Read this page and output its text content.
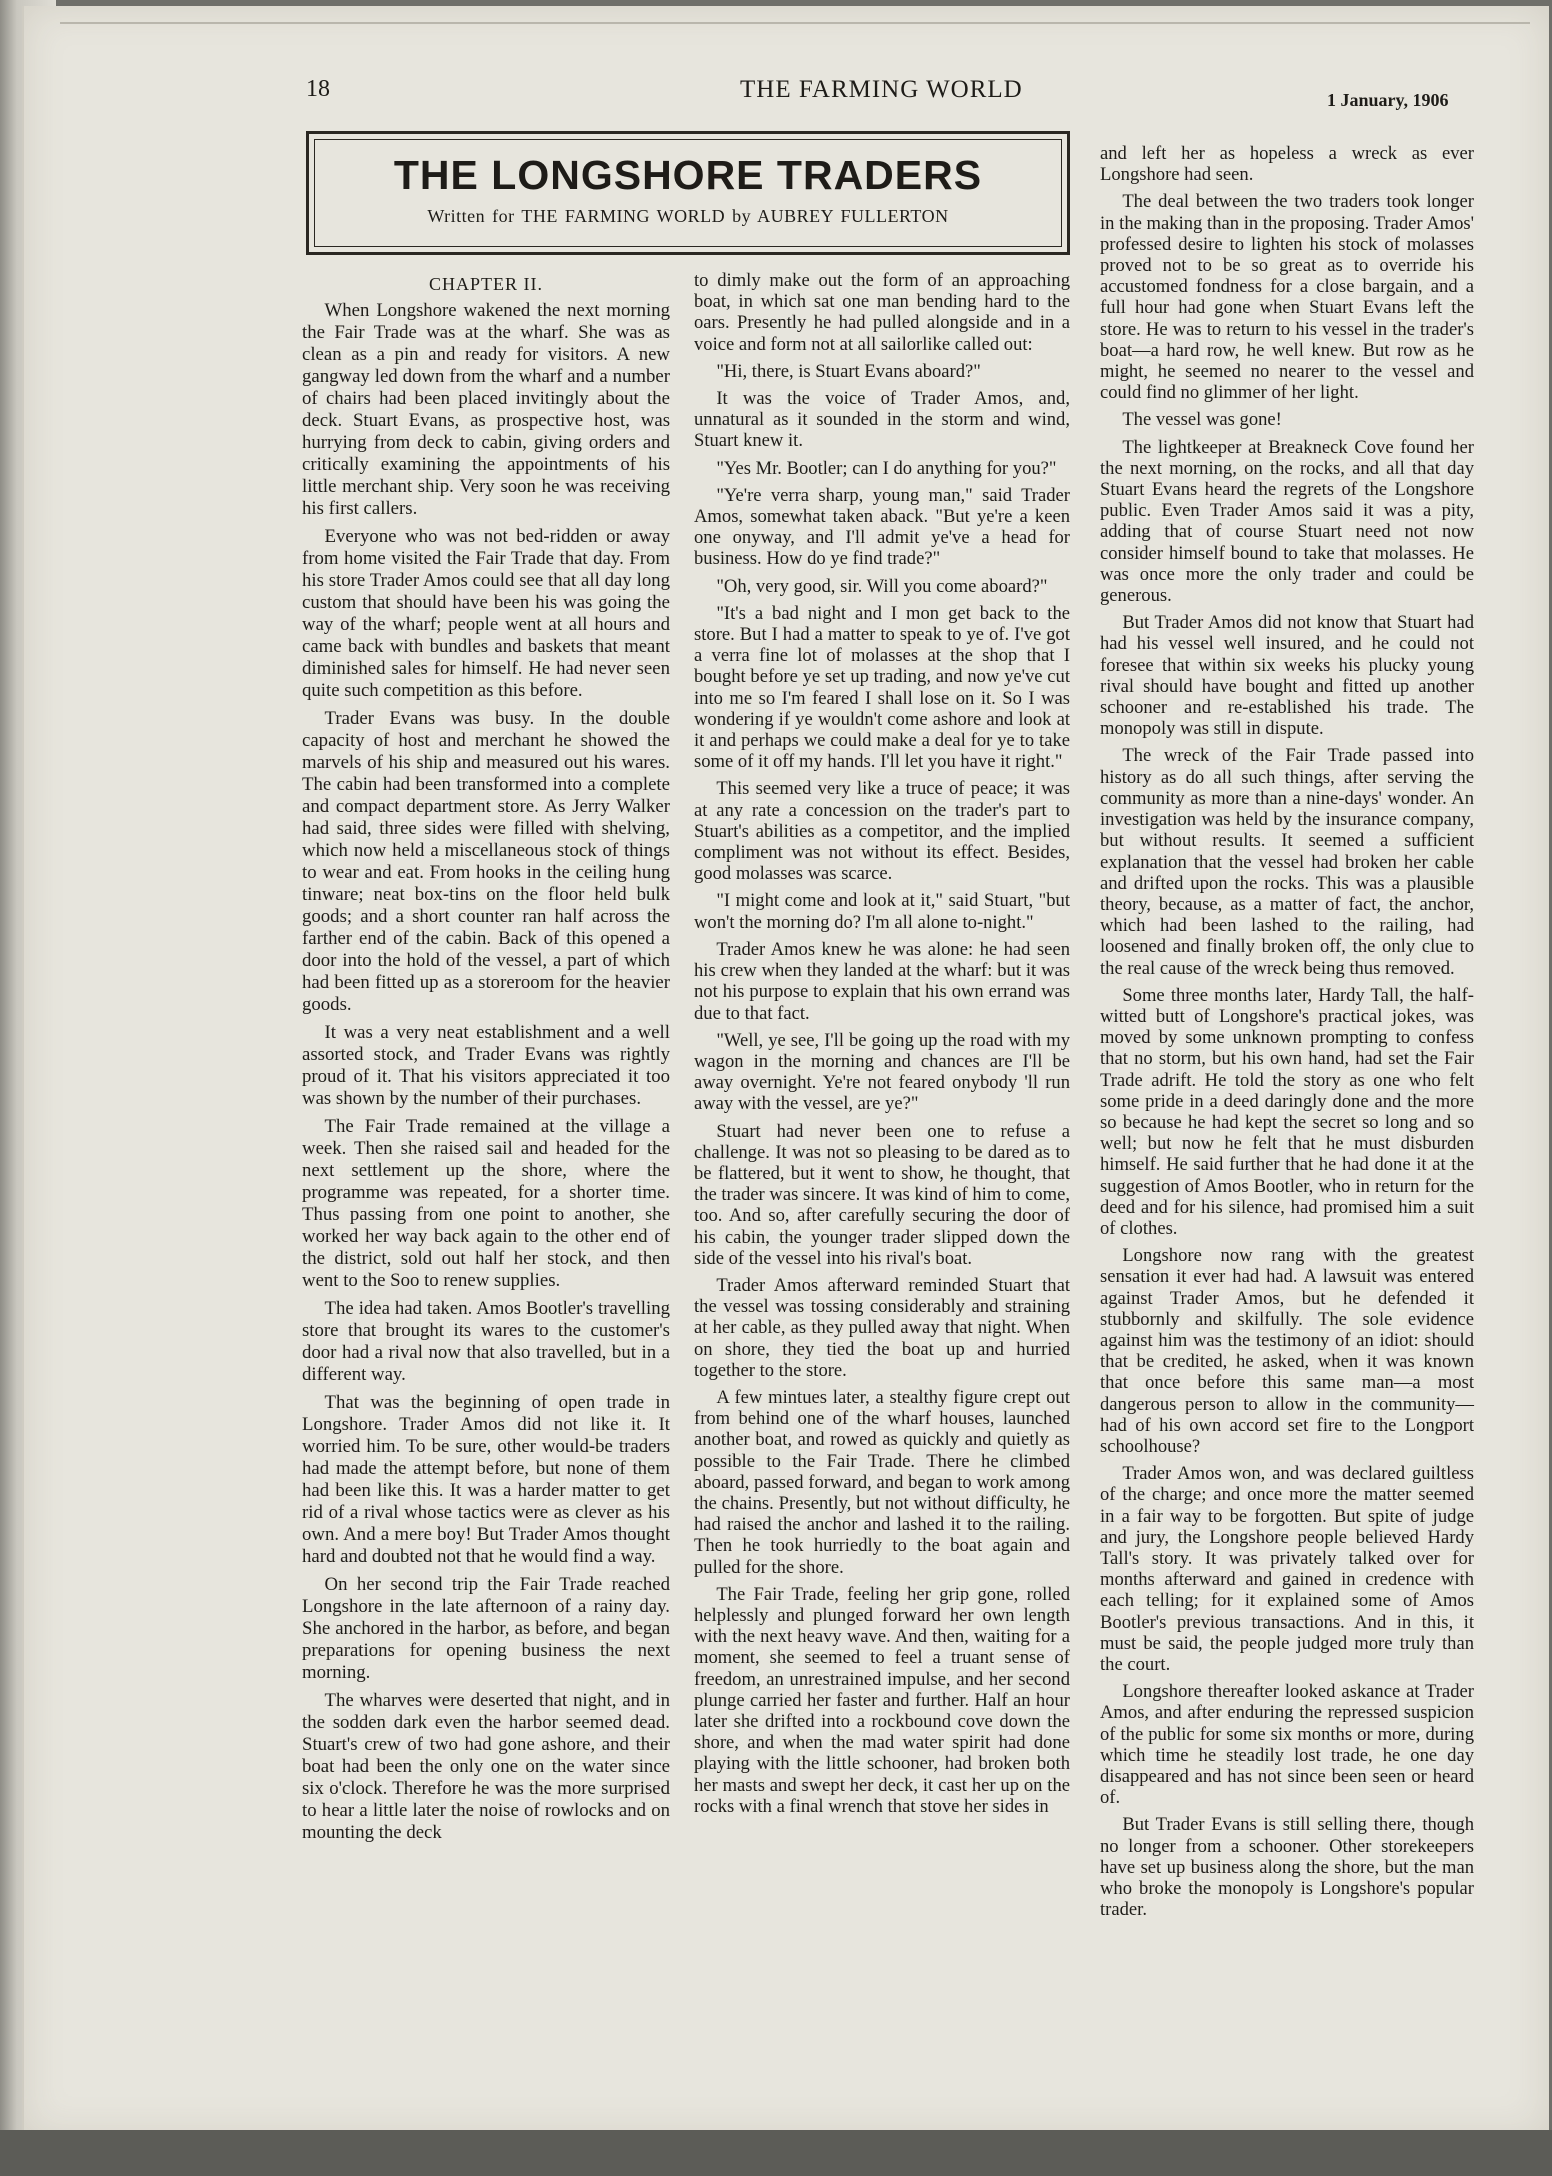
18	THE FARMING WORLD	1 January, 1906
THE LONGSHORE TRADERS
Written for THE FARMING WORLD by AUBREY FULLERTON
CHAPTER II.

When Longshore wakened the next morning the Fair Trade was at the wharf. She was as clean as a pin and ready for visitors. A new gangway led down from the wharf and a number of chairs had been placed invitingly about the deck. Stuart Evans, as prospective host, was hurrying from deck to cabin, giving orders and critically examining the appointments of his little merchant ship. Very soon he was receiving his first callers.

Everyone who was not bed-ridden or away from home visited the Fair Trade that day. From his store Trader Amos could see that all day long custom that should have been his was going the way of the wharf; people went at all hours and came back with bundles and baskets that meant diminished sales for himself. He had never seen quite such competition as this before.

Trader Evans was busy. In the double capacity of host and merchant he showed the marvels of his ship and measured out his wares. The cabin had been transformed into a complete and compact department store. As Jerry Walker had said, three sides were filled with shelving, which now held a miscellaneous stock of things to wear and eat. From hooks in the ceiling hung tinware; neat box-tins on the floor held bulk goods; and a short counter ran half across the farther end of the cabin. Back of this opened a door into the hold of the vessel, a part of which had been fitted up as a storeroom for the heavier goods.

It was a very neat establishment and a well assorted stock, and Trader Evans was rightly proud of it. That his visitors appreciated it too was shown by the number of their purchases.

The Fair Trade remained at the village a week. Then she raised sail and headed for the next settlement up the shore, where the programme was repeated, for a shorter time. Thus passing from one point to another, she worked her way back again to the other end of the district, sold out half her stock, and then went to the Soo to renew supplies.

The idea had taken. Amos Bootler's travelling store that brought its wares to the customer's door had a rival now that also travelled, but in a different way.

That was the beginning of open trade in Longshore. Trader Amos did not like it. It worried him. To be sure, other would-be traders had made the attempt before, but none of them had been like this. It was a harder matter to get rid of a rival whose tactics were as clever as his own. And a mere boy! But Trader Amos thought hard and doubted not that he would find a way.

On her second trip the Fair Trade reached Longshore in the late afternoon of a rainy day. She anchored in the harbor, as before, and began preparations for opening business the next morning.

The wharves were deserted that night, and in the sodden dark even the harbor seemed dead. Stuart's crew of two had gone ashore, and their boat had been the only one on the water since six o'clock. Therefore he was the more surprised to hear a little later the noise of rowlocks and on mounting the deck

to dimly make out the form of an approaching boat, in which sat one man bending hard to the oars. Presently he had pulled alongside and in a voice and form not at all sailorlike called out:

"Hi, there, is Stuart Evans aboard?"

It was the voice of Trader Amos, and, unnatural as it sounded in the storm and wind, Stuart knew it.

"Yes Mr. Bootler; can I do anything for you?"

"Ye're verra sharp, young man," said Trader Amos, somewhat taken aback. "But ye're a keen one onyway, and I'll admit ye've a head for business. How do ye find trade?"

"Oh, very good, sir. Will you come aboard?"

"It's a bad night and I mon get back to the store. But I had a matter to speak to ye of. I've got a verra fine lot of molasses at the shop that I bought before ye set up trading, and now ye've cut into me so I'm feared I shall lose on it. So I was wondering if ye wouldn't come ashore and look at it and perhaps we could make a deal for ye to take some of it off my hands. I'll let you have it right."

This seemed very like a truce of peace; it was at any rate a concession on the trader's part to Stuart's abilities as a competitor, and the implied compliment was not without its effect. Besides, good molasses was scarce.

"I might come and look at it," said Stuart, "but won't the morning do? I'm all alone to-night."

Trader Amos knew he was alone: he had seen his crew when they landed at the wharf: but it was not his purpose to explain that his own errand was due to that fact.

"Well, ye see, I'll be going up the road with my wagon in the morning and chances are I'll be away overnight. Ye're not feared onybody 'll run away with the vessel, are ye?"

Stuart had never been one to refuse a challenge. It was not so pleasing to be dared as to be flattered, but it went to show, he thought, that the trader was sincere. It was kind of him to come, too. And so, after carefully securing the door of his cabin, the younger trader slipped down the side of the vessel into his rival's boat.

Trader Amos afterward reminded Stuart that the vessel was tossing considerably and straining at her cable, as they pulled away that night. When on shore, they tied the boat up and hurried together to the store.

A few mintues later, a stealthy figure crept out from behind one of the wharf houses, launched another boat, and rowed as quickly and quietly as possible to the Fair Trade. There he climbed aboard, passed forward, and began to work among the chains. Presently, but not without difficulty, he had raised the anchor and lashed it to the railing. Then he took hurriedly to the boat again and pulled for the shore.

The Fair Trade, feeling her grip gone, rolled helplessly and plunged forward her own length with the next heavy wave. And then, waiting for a moment, she seemed to feel a truant sense of freedom, an unrestrained impulse, and her second plunge carried her faster and further. Half an hour later she drifted into a rockbound cove down the shore, and when the mad water spirit had done playing with the little schooner, had broken both her masts and swept her deck, it cast her up on the rocks with a final wrench that stove her sides in

and left her as hopeless a wreck as ever Longshore had seen.

The deal between the two traders took longer in the making than in the proposing. Trader Amos' professed desire to lighten his stock of molasses proved not to be so great as to override his accustomed fondness for a close bargain, and a full hour had gone when Stuart Evans left the store. He was to return to his vessel in the trader's boat—a hard row, he well knew. But row as he might, he seemed no nearer to the vessel and could find no glimmer of her light.

The vessel was gone!

The lightkeeper at Breakneck Cove found her the next morning, on the rocks, and all that day Stuart Evans heard the regrets of the Longshore public. Even Trader Amos said it was a pity, adding that of course Stuart need not now consider himself bound to take that molasses. He was once more the only trader and could be generous.

But Trader Amos did not know that Stuart had had his vessel well insured, and he could not foresee that within six weeks his plucky young rival should have bought and fitted up another schooner and re-established his trade. The monopoly was still in dispute.

The wreck of the Fair Trade passed into history as do all such things, after serving the community as more than a nine-days' wonder. An investigation was held by the insurance company, but without results. It seemed a sufficient explanation that the vessel had broken her cable and drifted upon the rocks. This was a plausible theory, because, as a matter of fact, the anchor, which had been lashed to the railing, had loosened and finally broken off, the only clue to the real cause of the wreck being thus removed.

Some three months later, Hardy Tall, the half-witted butt of Longshore's practical jokes, was moved by some unknown prompting to confess that no storm, but his own hand, had set the Fair Trade adrift. He told the story as one who felt some pride in a deed daringly done and the more so because he had kept the secret so long and so well; but now he felt that he must disburden himself. He said further that he had done it at the suggestion of Amos Bootler, who in return for the deed and for his silence, had promised him a suit of clothes.

Longshore now rang with the greatest sensation it ever had had. A lawsuit was entered against Trader Amos, but he defended it stubbornly and skilfully. The sole evidence against him was the testimony of an idiot: should that be credited, he asked, when it was known that once before this same man—a most dangerous person to allow in the community—had of his own accord set fire to the Longport schoolhouse?

Trader Amos won, and was declared guiltless of the charge; and once more the matter seemed in a fair way to be forgotten. But spite of judge and jury, the Longshore people believed Hardy Tall's story. It was privately talked over for months afterward and gained in credence with each telling; for it explained some of Amos Bootler's previous transactions. And in this, it must be said, the people judged more truly than the court.

Longshore thereafter looked askance at Trader Amos, and after enduring the repressed suspicion of the public for some six months or more, during which time he steadily lost trade, he one day disappeared and has not since been seen or heard of.

But Trader Evans is still selling there, though no longer from a schooner. Other storekeepers have set up business along the shore, but the man who broke the monopoly is Longshore's popular trader.
